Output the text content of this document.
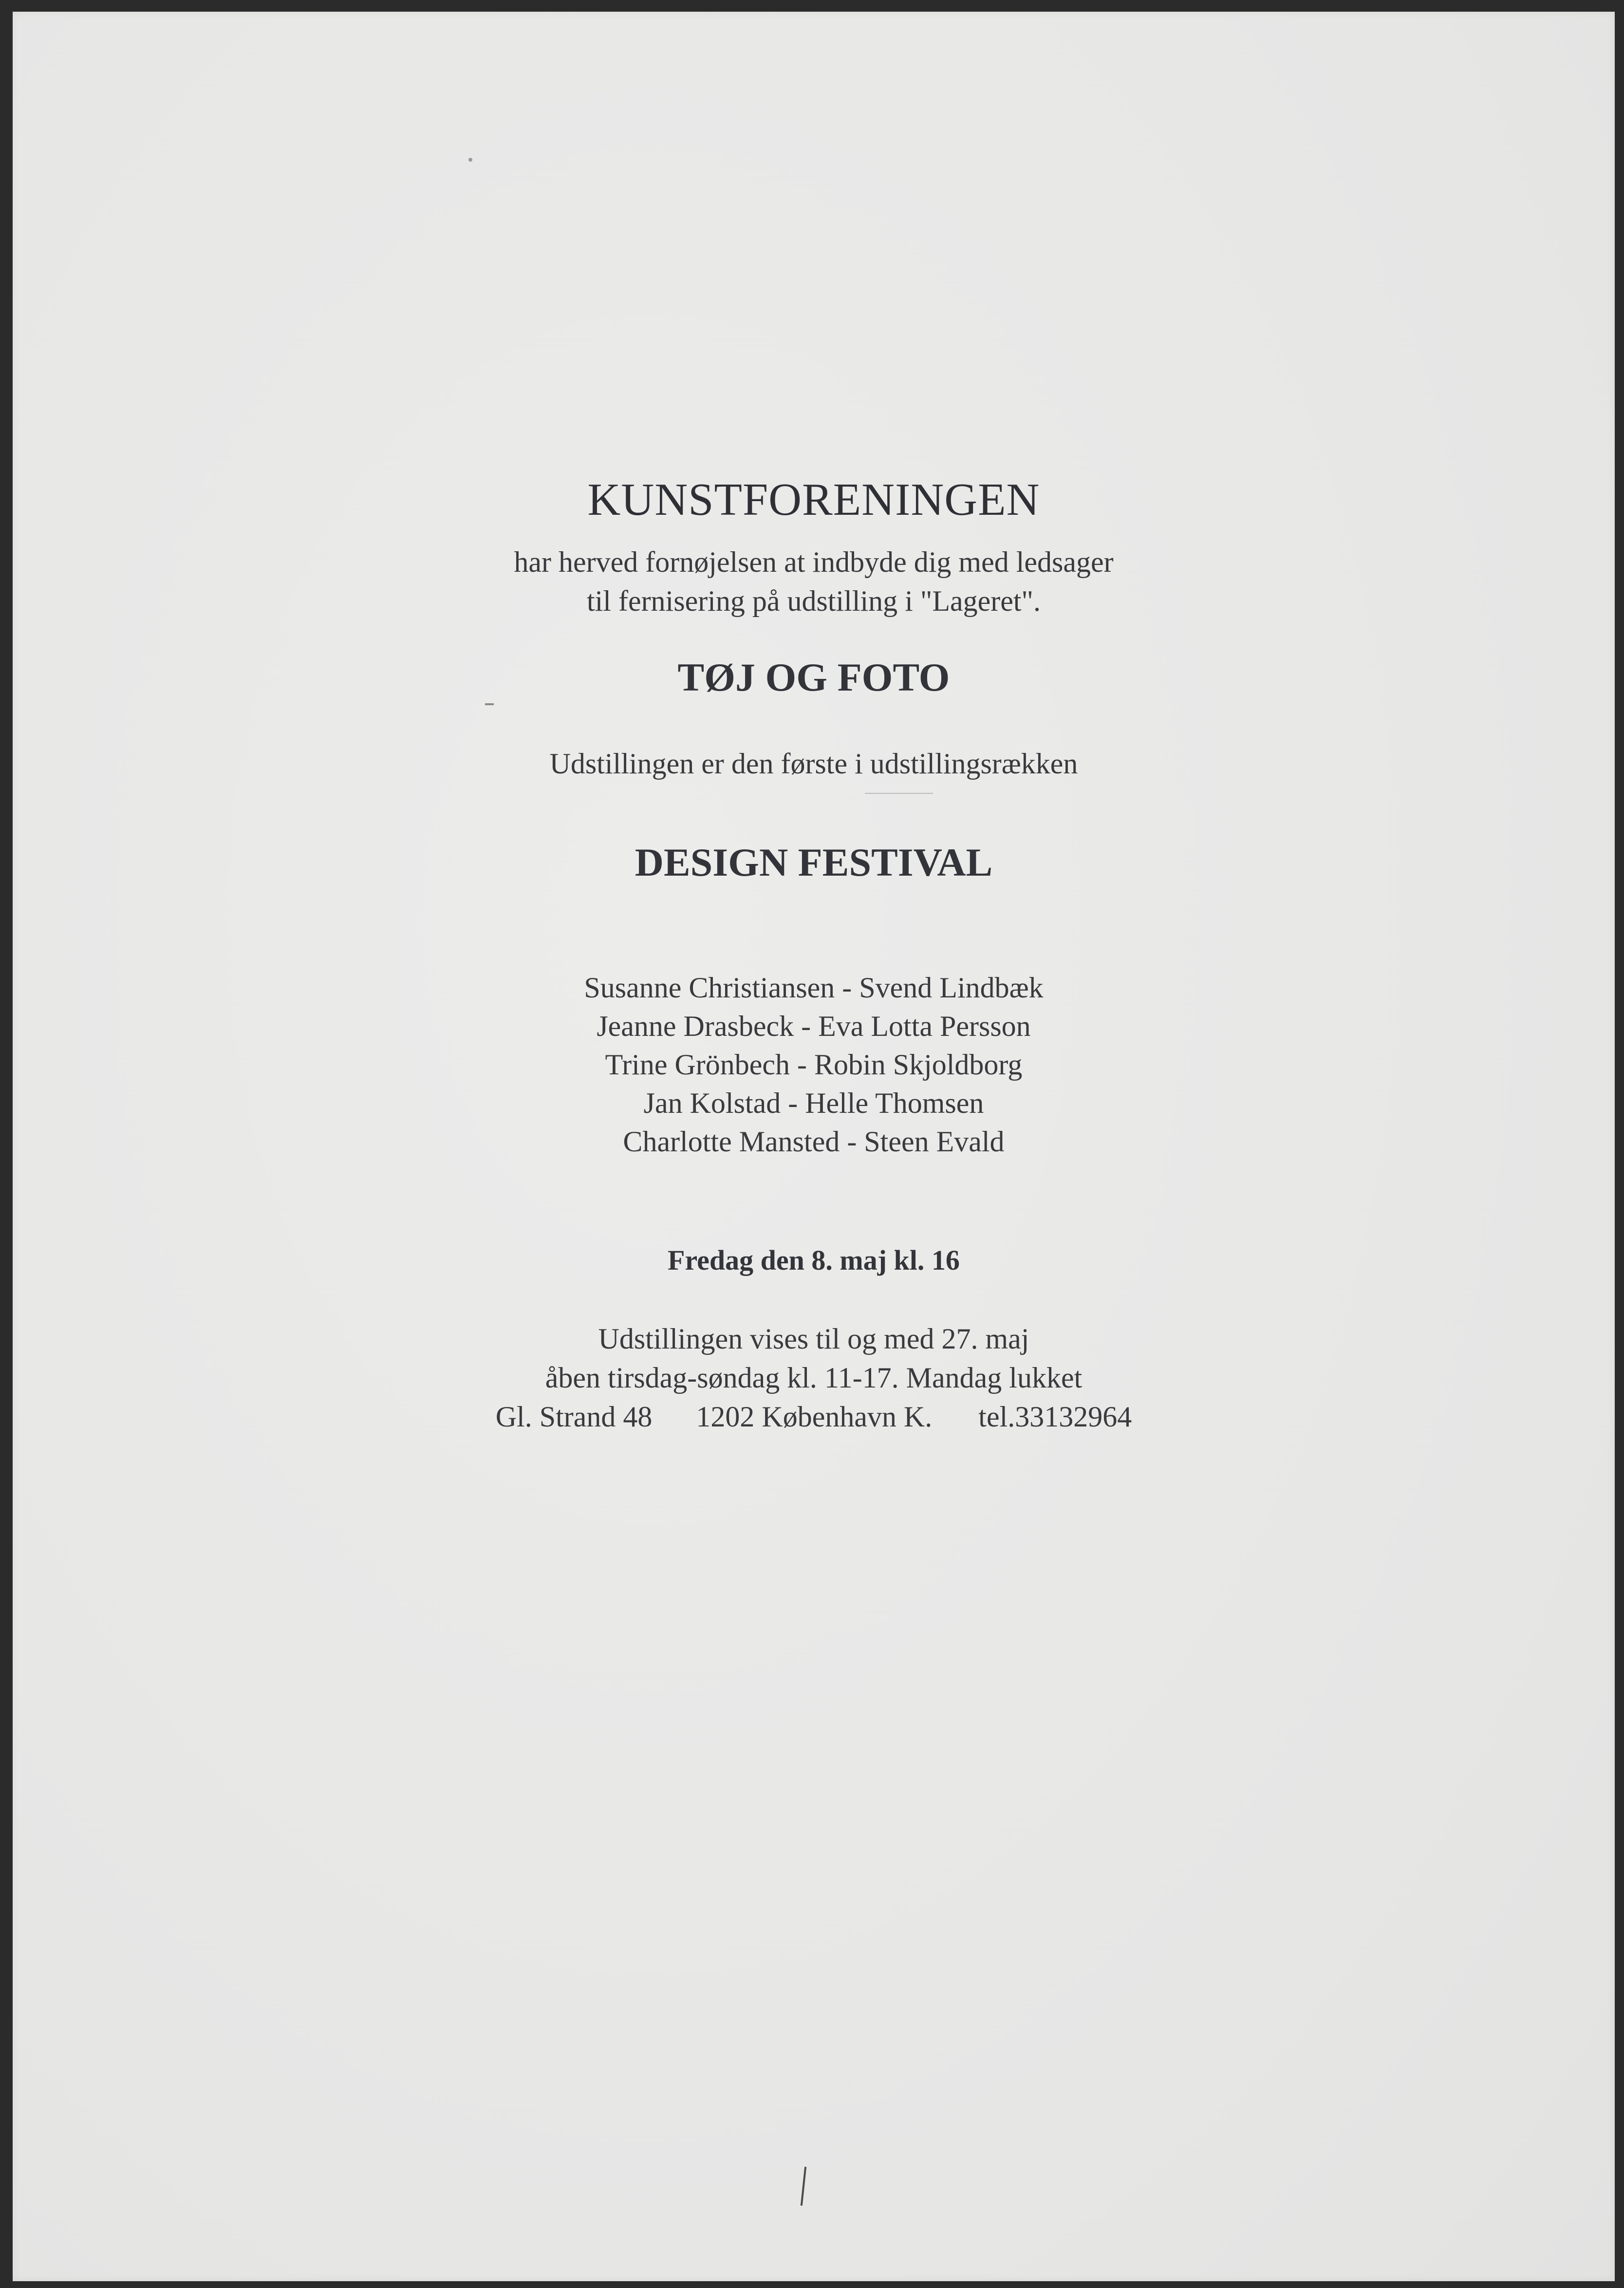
KUNSTFORENINGEN
har herved fornøjelsen at indbyde dig med ledsager
til fernisering på udstilling i "Lageret".
TØJ OG FOTO
Udstillingen er den første i udstillingsrækken
DESIGN FESTIVAL
Susanne Christiansen - Svend Lindbæk
Jeanne Drasbeck - Eva Lotta Persson
Trine Grönbech - Robin Skjoldborg
Jan Kolstad - Helle Thomsen
Charlotte Mansted - Steen Evald
Fredag den 8. maj kl. 16
Udstillingen vises til og med 27. maj
åben tirsdag-søndag kl. 11-17. Mandag lukket
Gl. Strand 48 1202 København K. tel.33132964
